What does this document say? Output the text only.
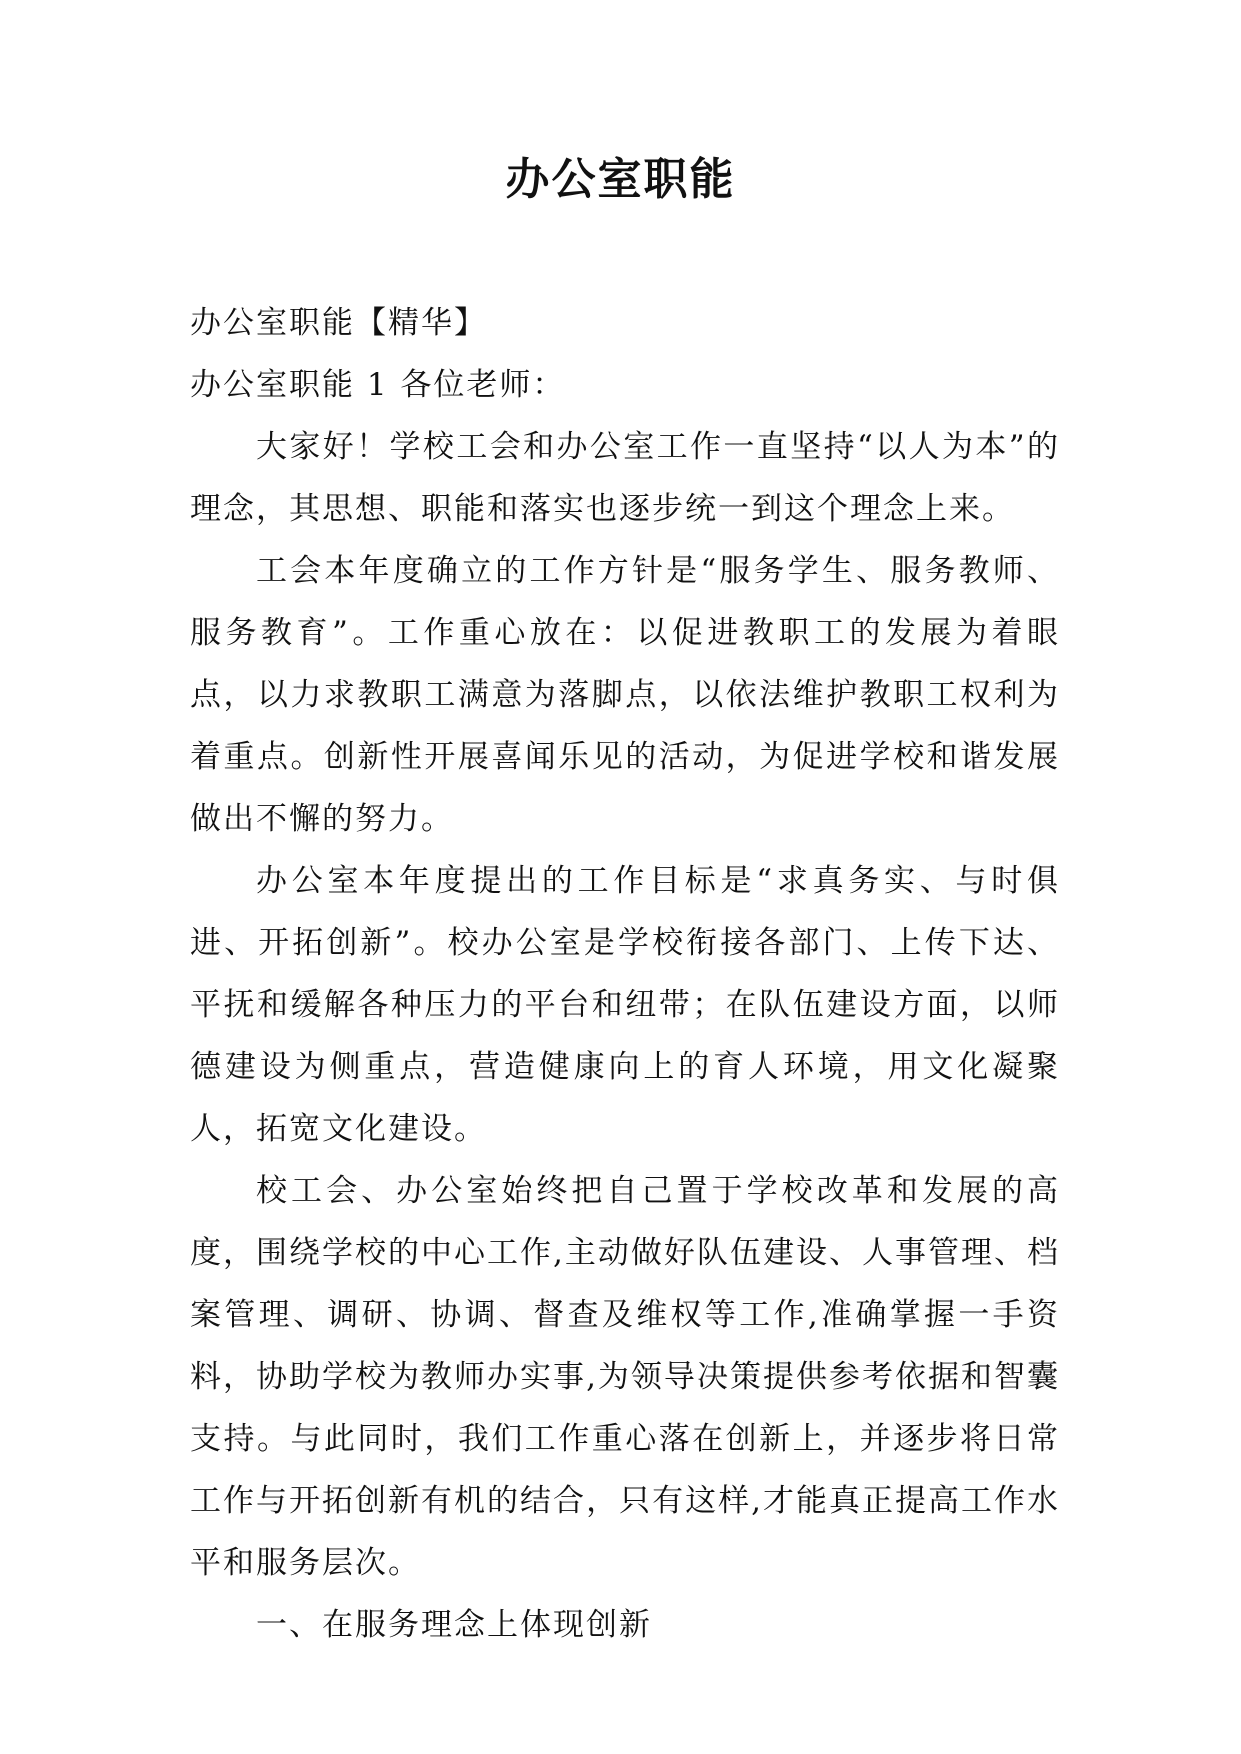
办公室职能

办公室职能【精华】

办公室职能 1 各位老师：

大家好！学校工会和办公室工作一直坚持“以人为本”的理念，其思想、职能和落实也逐步统一到这个理念上来。

工会本年度确立的工作方针是“服务学生、服务教师、服务教育”。工作重心放在：以促进教职工的发展为着眼点，以力求教职工满意为落脚点，以依法维护教职工权利为着重点。创新性开展喜闻乐见的活动，为促进学校和谐发展做出不懈的努力。

办公室本年度提出的工作目标是“求真务实、与时俱进、开拓创新”。校办公室是学校衔接各部门、上传下达、平抚和缓解各种压力的平台和纽带；在队伍建设方面，以师德建设为侧重点，营造健康向上的育人环境，用文化凝聚人，拓宽文化建设。

校工会、办公室始终把自己置于学校改革和发展的高度，围绕学校的中心工作,主动做好队伍建设、人事管理、档案管理、调研、协调、督查及维权等工作,准确掌握一手资料，协助学校为教师办实事,为领导决策提供参考依据和智囊支持。与此同时，我们工作重心落在创新上，并逐步将日常工作与开拓创新有机的结合，只有这样,才能真正提高工作水平和服务层次。

一、在服务理念上体现创新
